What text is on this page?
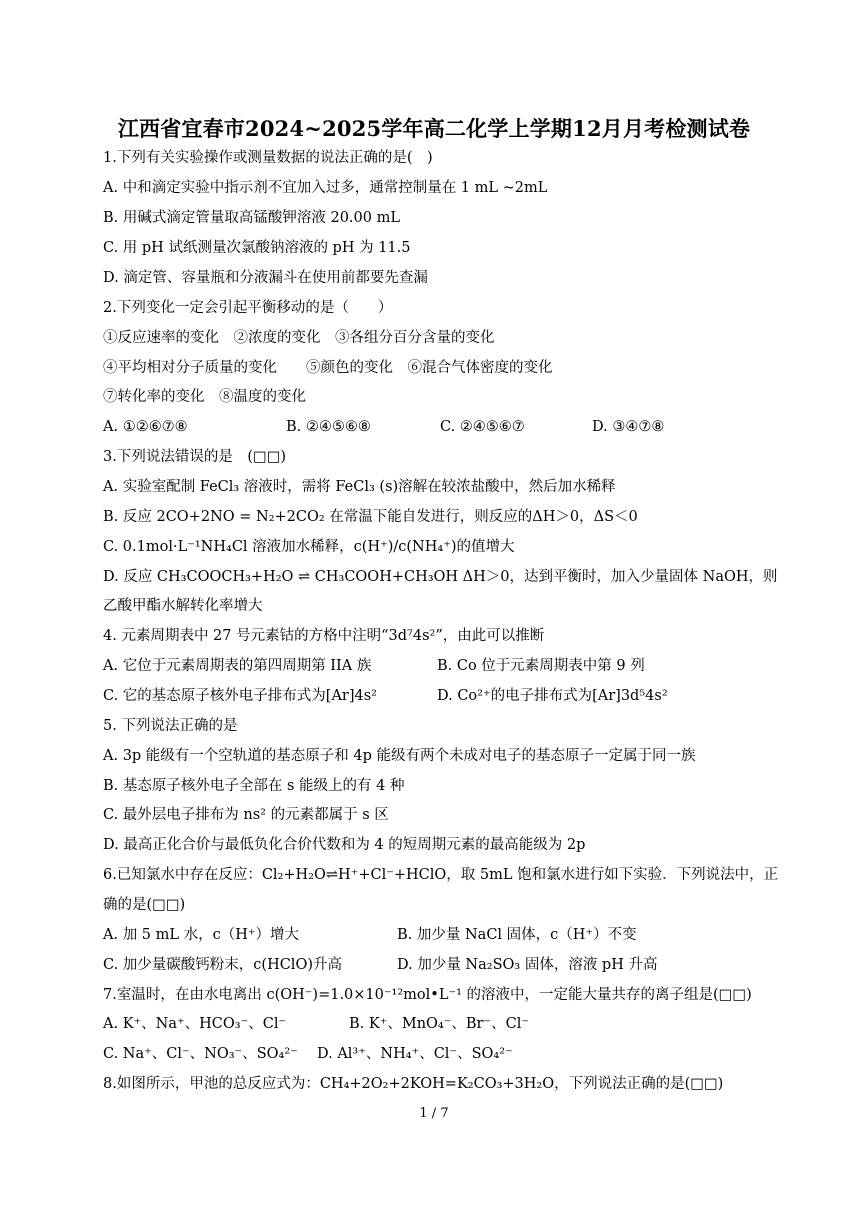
江西省宜春市2024~2025学年高二化学上学期12月月考检测试卷
1.下列有关实验操作或测量数据的说法正确的是(　)
A. 中和滴定实验中指示剂不宜加入过多，通常控制量在 1 mL ~2mL
B. 用碱式滴定管量取高锰酸钾溶液 20.00 mL
C. 用 pH 试纸测量次氯酸钠溶液的 pH 为 11.5
D. 滴定管、容量瓶和分液漏斗在使用前都要先查漏
2.下列变化一定会引起平衡移动的是（　　）
①反应速率的变化　②浓度的变化　③各组分百分含量的变化
④平均相对分子质量的变化　　⑤颜色的变化　⑥混合气体密度的变化
⑦转化率的变化　⑧温度的变化
A. ①②⑥⑦⑧	B. ②④⑤⑥⑧	C. ②④⑤⑥⑦	D. ③④⑦⑧
3.下列说法错误的是　(□□)
A. 实验室配制 FeCl₃ 溶液时，需将 FeCl₃ (s)溶解在较浓盐酸中，然后加水稀释
B. 反应 2CO+2NO = N₂+2CO₂ 在常温下能自发进行，则反应的ΔH＞0，ΔS＜0
C. 0.1mol·L⁻¹NH₄Cl 溶液加水稀释，c(H⁺)/c(NH₄⁺)的值增大
D. 反应 CH₃COOCH₃+H₂O ⇌ CH₃COOH+CH₃OH ΔH＞0，达到平衡时，加入少量固体 NaOH，则
乙酸甲酯水解转化率增大
4. 元素周期表中 27 号元素钴的方格中注明“3d⁷4s²”，由此可以推断
A. 它位于元素周期表的第四周期第 IIA 族	B. Co 位于元素周期表中第 9 列
C. 它的基态原子核外电子排布式为[Ar]4s²	D. Co²⁺的电子排布式为[Ar]3d⁵4s²
5. 下列说法正确的是
A. 3p 能级有一个空轨道的基态原子和 4p 能级有两个未成对电子的基态原子一定属于同一族
B. 基态原子核外电子全部在 s 能级上的有 4 种
C. 最外层电子排布为 ns² 的元素都属于 s 区
D. 最高正化合价与最低负化合价代数和为 4 的短周期元素的最高能级为 2p
6.已知氯水中存在反应：Cl₂+H₂O⇌H⁺+Cl⁻+HClO，取 5mL 饱和氯水进行如下实验．下列说法中，正
确的是(□□)
A. 加 5 mL 水，c（H⁺）增大	B. 加少量 NaCl 固体，c（H⁺）不变
C. 加少量碳酸钙粉末，c(HClO)升高	D. 加少量 Na₂SO₃ 固体，溶液 pH 升高
7.室温时，在由水电离出 c(OH⁻)=1.0×10⁻¹²mol•L⁻¹ 的溶液中，一定能大量共存的离子组是(□□)
A. K⁺、Na⁺、HCO₃⁻、Cl⁻	B. K⁺、MnO₄⁻、Br⁻、Cl⁻
C. Na⁺、Cl⁻、NO₃⁻、SO₄²⁻ D. Al³⁺、NH₄⁺、Cl⁻、SO₄²⁻
8.如图所示，甲池的总反应式为：CH₄+2O₂+2KOH=K₂CO₃+3H₂O，下列说法正确的是(□□)
1 / 7
